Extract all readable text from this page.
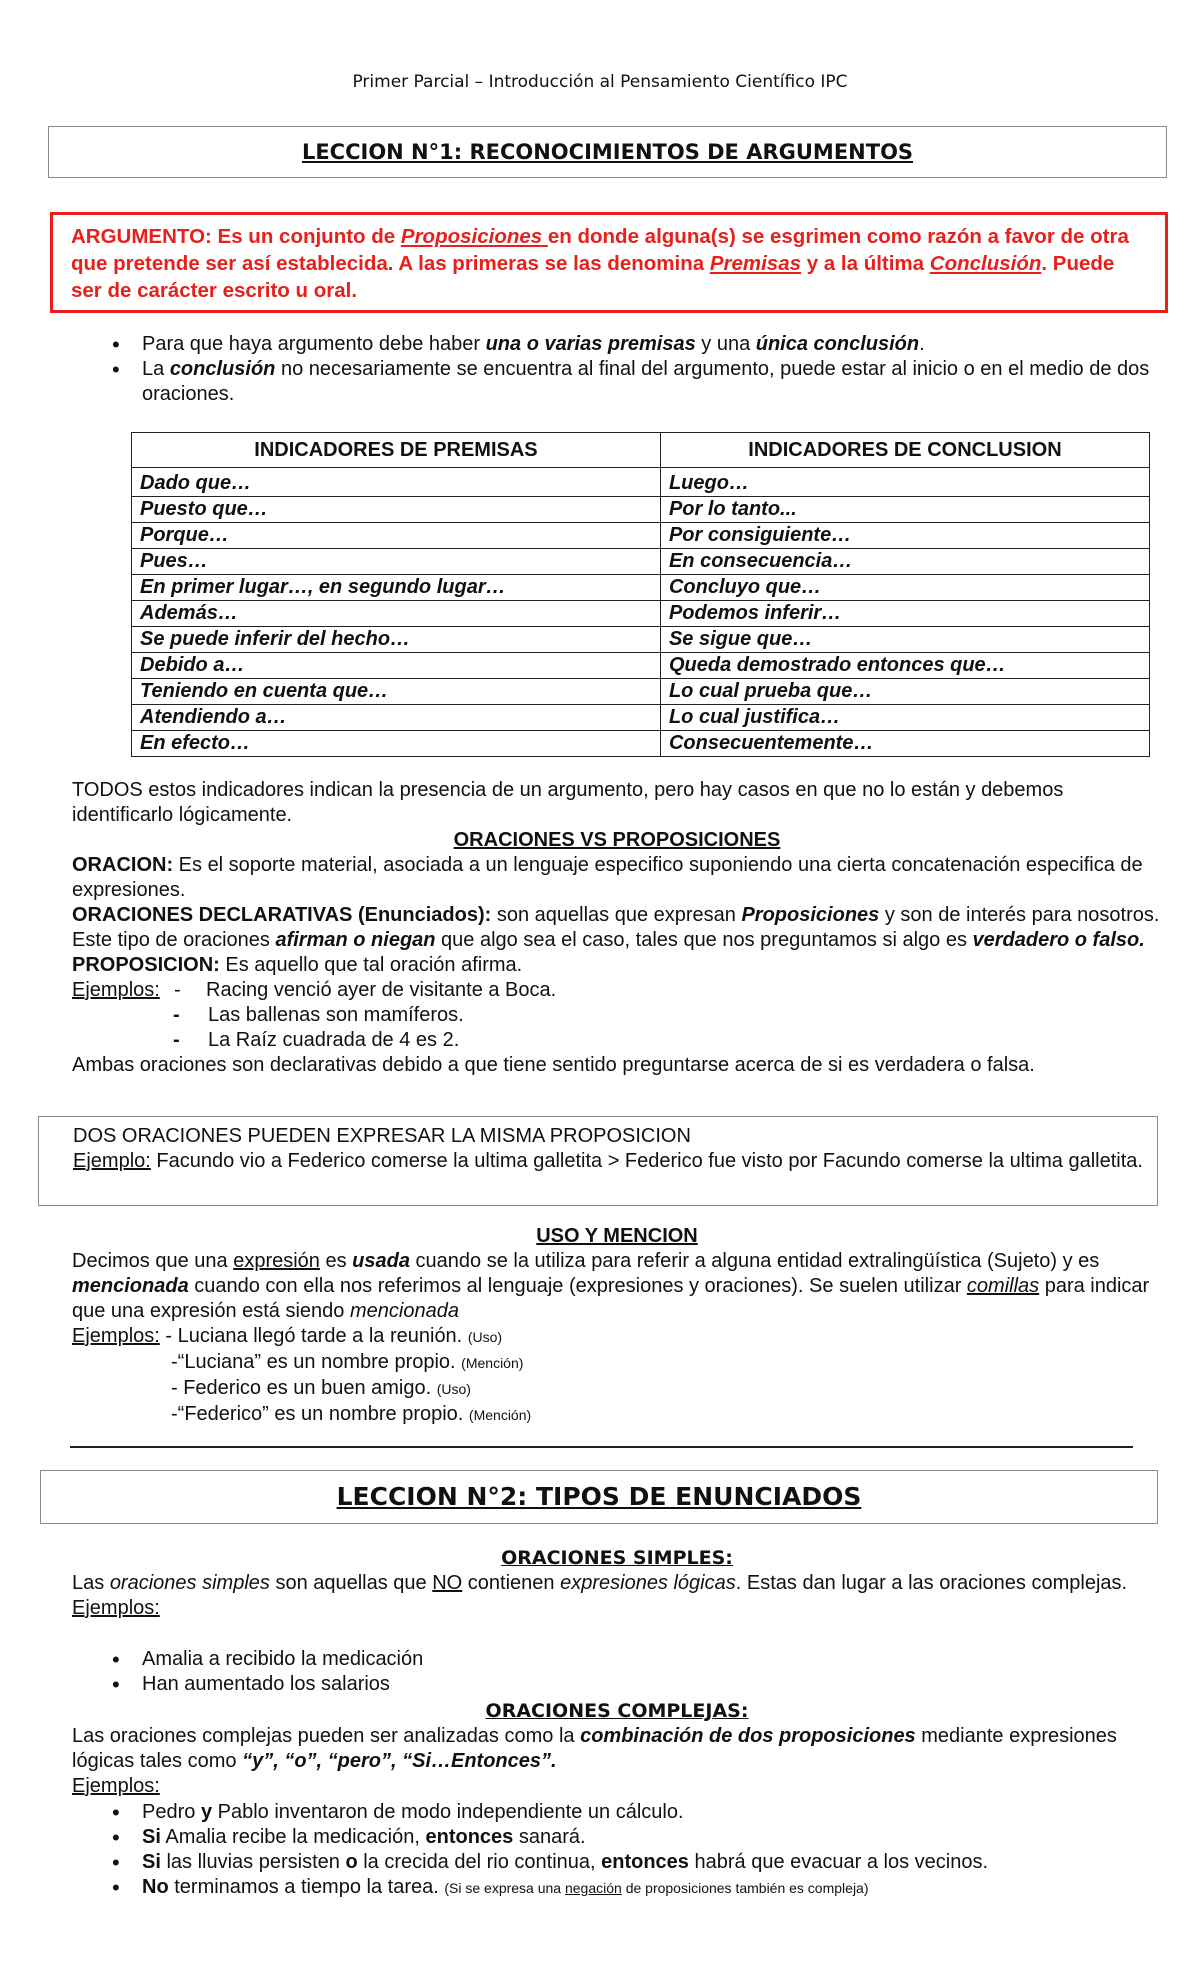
Primer Parcial – Introducción al Pensamiento Científico IPC
LECCION N°1: RECONOCIMIENTOS DE ARGUMENTOS
ARGUMENTO: Es un conjunto de Proposiciones en donde alguna(s) se esgrimen como razón a favor de otra que pretende ser así establecida. A las primeras se las denomina Premisas y a la última Conclusión. Puede ser de carácter escrito u oral.
• Para que haya argumento debe haber una o varias premisas y una única conclusión.
• La conclusión no necesariamente se encuentra al final del argumento, puede estar al inicio o en el medio de dos oraciones.
INDICADORES DE PREMISAS	INDICADORES DE CONCLUSION
Dado que…	Luego…
Puesto que…	Por lo tanto...
Porque…	Por consiguiente…
Pues…	En consecuencia…
En primer lugar…, en segundo lugar…	Concluyo que…
Además…	Podemos inferir…
Se puede inferir del hecho…	Se sigue que…
Debido a…	Queda demostrado entonces que…
Teniendo en cuenta que…	Lo cual prueba que…
Atendiendo a…	Lo cual justifica…
En efecto…	Consecuentemente…
TODOS estos indicadores indican la presencia de un argumento, pero hay casos en que no lo están y debemos identificarlo lógicamente.
ORACIONES VS PROPOSICIONES
ORACION: Es el soporte material, asociada a un lenguaje especifico suponiendo una cierta concatenación especifica de expresiones.
ORACIONES DECLARATIVAS (Enunciados): son aquellas que expresan Proposiciones y son de interés para nosotros. Este tipo de oraciones afirman o niegan que algo sea el caso, tales que nos preguntamos si algo es verdadero o falso.
PROPOSICION: Es aquello que tal oración afirma.
Ejemplos: - Racing venció ayer de visitante a Boca.
- Las ballenas son mamíferos.
- La Raíz cuadrada de 4 es 2.
Ambas oraciones son declarativas debido a que tiene sentido preguntarse acerca de si es verdadera o falsa.
DOS ORACIONES PUEDEN EXPRESAR LA MISMA PROPOSICION
Ejemplo: Facundo vio a Federico comerse la ultima galletita > Federico fue visto por Facundo comerse la ultima galletita.
USO Y MENCION
Decimos que una expresión es usada cuando se la utiliza para referir a alguna entidad extralingüística (Sujeto) y es mencionada cuando con ella nos referimos al lenguaje (expresiones y oraciones). Se suelen utilizar comillas para indicar que una expresión está siendo mencionada
Ejemplos: - Luciana llegó tarde a la reunión. (Uso)
-“Luciana” es un nombre propio. (Mención)
- Federico es un buen amigo. (Uso)
-“Federico” es un nombre propio. (Mención)
LECCION N°2: TIPOS DE ENUNCIADOS
ORACIONES SIMPLES:
Las oraciones simples son aquellas que NO contienen expresiones lógicas. Estas dan lugar a las oraciones complejas.
Ejemplos:
• Amalia a recibido la medicación
• Han aumentado los salarios
ORACIONES COMPLEJAS:
Las oraciones complejas pueden ser analizadas como la combinación de dos proposiciones mediante expresiones lógicas tales como “y”, “o”, “pero”, “Si…Entonces”.
Ejemplos:
• Pedro y Pablo inventaron de modo independiente un cálculo.
• Si Amalia recibe la medicación, entonces sanará.
• Si las lluvias persisten o la crecida del rio continua, entonces habrá que evacuar a los vecinos.
• No terminamos a tiempo la tarea. (Si se expresa una negación de proposiciones también es compleja)
